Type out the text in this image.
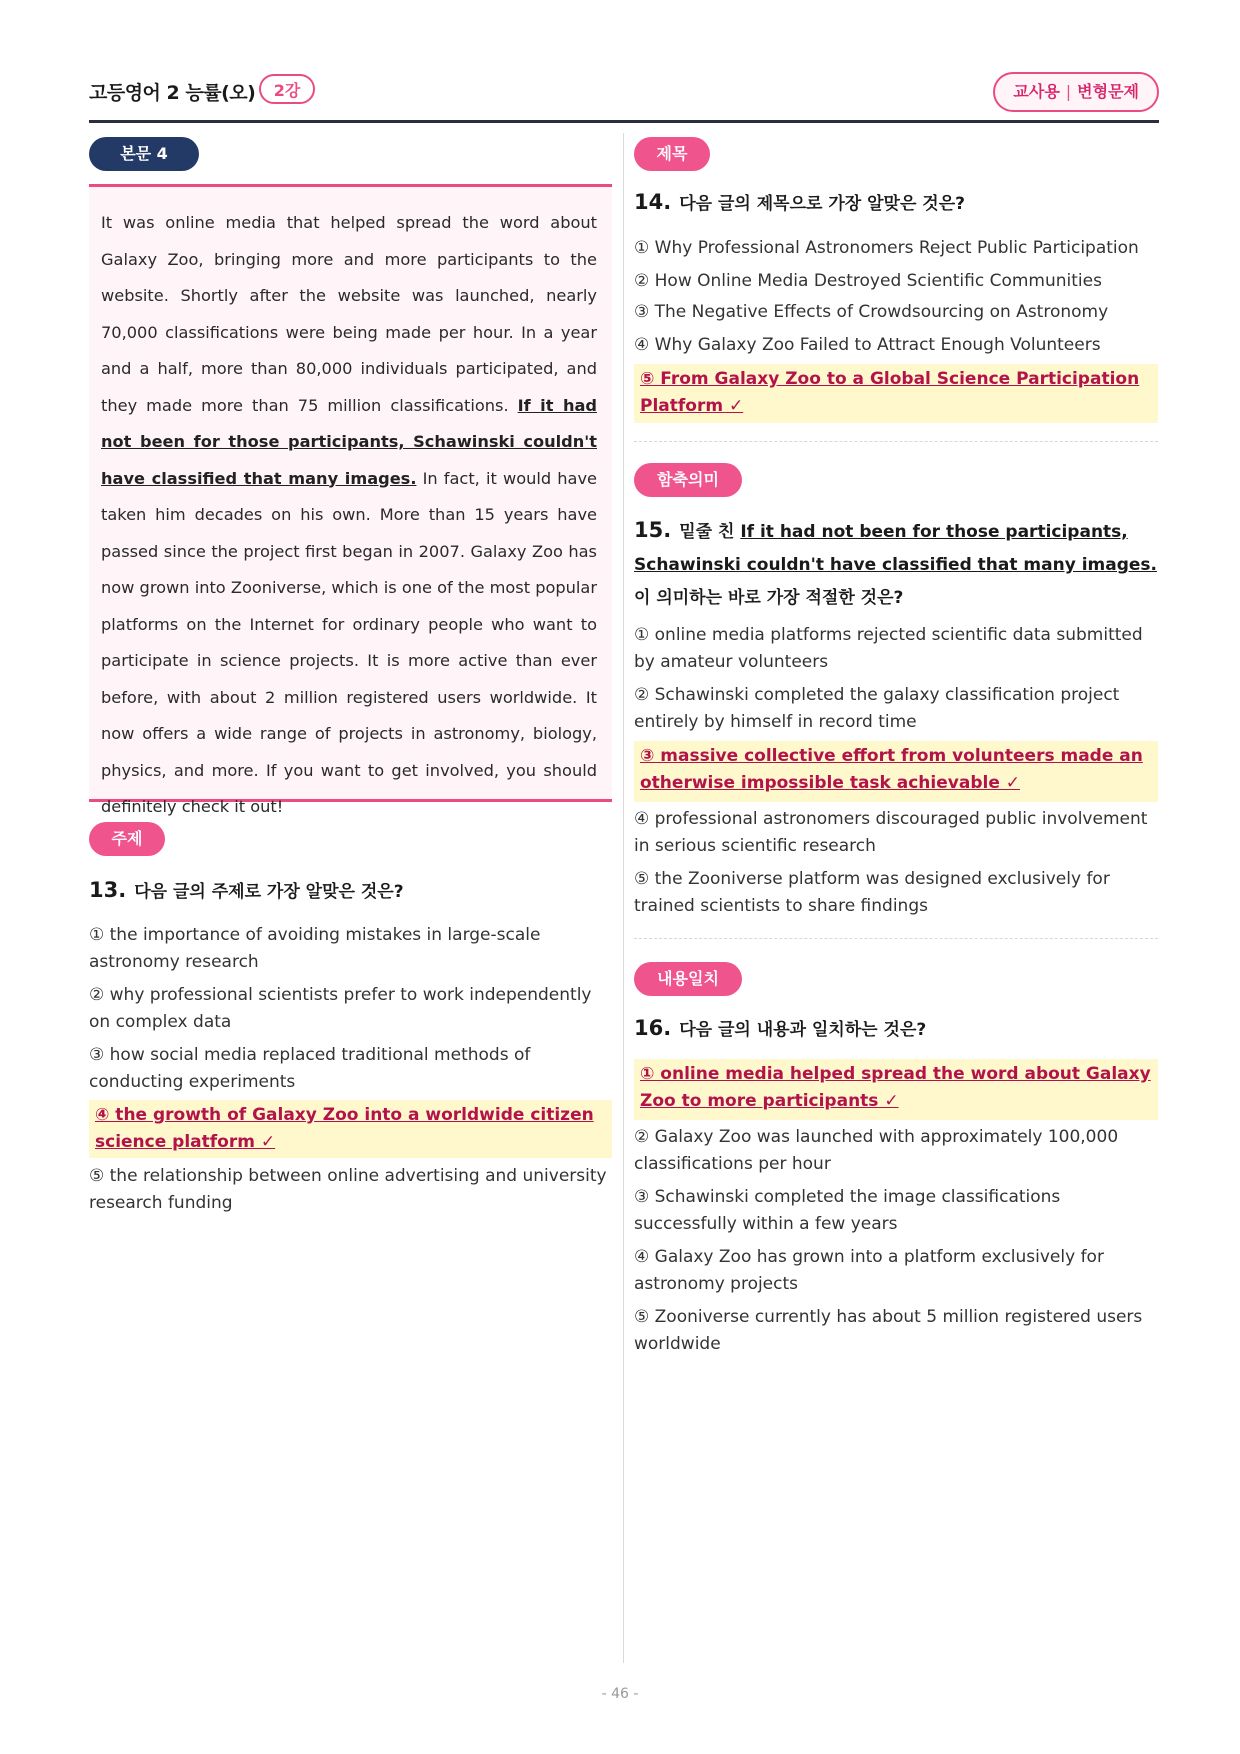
고등영어 2 능률(오)	2강	교사용 | 변형문제
본문 4
It was online media that helped spread the word about Galaxy Zoo, bringing more and more participants to the website. Shortly after the website was launched, nearly 70,000 classifications were being made per hour. In a year and a half, more than 80,000 individuals participated, and they made more than 75 million classifications. If it had not been for those participants, Schawinski couldn't have classified that many images. In fact, it would have taken him decades on his own. More than 15 years have passed since the project first began in 2007. Galaxy Zoo has now grown into Zooniverse, which is one of the most popular platforms on the Internet for ordinary people who want to participate in science projects. It is more active than ever before, with about 2 million registered users worldwide. It now offers a wide range of projects in astronomy, biology, physics, and more. If you want to get involved, you should definitely check it out!
주제
13. 다음 글의 주제로 가장 알맞은 것은?
① the importance of avoiding mistakes in large-scale astronomy research
② why professional scientists prefer to work independently on complex data
③ how social media replaced traditional methods of conducting experiments
④ the growth of Galaxy Zoo into a worldwide citizen science platform ✓
⑤ the relationship between online advertising and university research funding
제목
14. 다음 글의 제목으로 가장 알맞은 것은?
① Why Professional Astronomers Reject Public Participation
② How Online Media Destroyed Scientific Communities
③ The Negative Effects of Crowdsourcing on Astronomy
④ Why Galaxy Zoo Failed to Attract Enough Volunteers
⑤ From Galaxy Zoo to a Global Science Participation Platform ✓
함축의미
15. 밑줄 친 If it had not been for those participants, Schawinski couldn't have classified that many images.이 의미하는 바로 가장 적절한 것은?
① online media platforms rejected scientific data submitted by amateur volunteers
② Schawinski completed the galaxy classification project entirely by himself in record time
③ massive collective effort from volunteers made an otherwise impossible task achievable ✓
④ professional astronomers discouraged public involvement in serious scientific research
⑤ the Zooniverse platform was designed exclusively for trained scientists to share findings
내용일치
16. 다음 글의 내용과 일치하는 것은?
① online media helped spread the word about Galaxy Zoo to more participants ✓
② Galaxy Zoo was launched with approximately 100,000 classifications per hour
③ Schawinski completed the image classifications successfully within a few years
④ Galaxy Zoo has grown into a platform exclusively for astronomy projects
⑤ Zooniverse currently has about 5 million registered users worldwide
- 46 -
